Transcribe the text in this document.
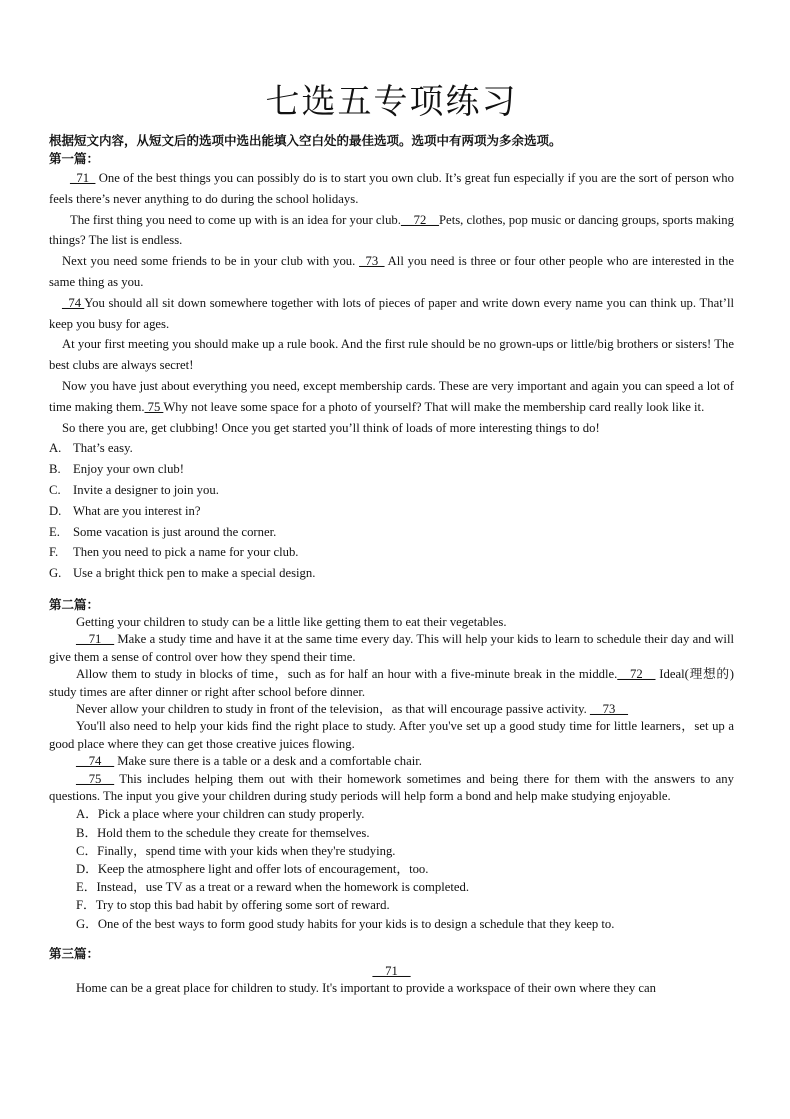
七选五专项练习
根据短文内容，从短文后的选项中选出能填入空白处的最佳选项。选项中有两项为多余选项。
第一篇：

_71_ One of the best things you can possibly do is to start you own club. It’s great fun especially if you are the sort of person who feels there’s never anything to do during the school holidays.

The first thing you need to come up with is an idea for your club.__72__Pets, clothes, pop music or dancing groups, sports making things? The list is endless.

Next you need some friends to be in your club with you. _73_ All you need is three or four other people who are interested in the same thing as you.

_74 You should all sit down somewhere together with lots of pieces of paper and write down every name you can think up. That’ll keep you busy for ages.

At your first meeting you should make up a rule book. And the first rule should be no grown-ups or little/big brothers or sisters! The best clubs are always secret!

Now you have just about everything you need, except membership cards. These are very important and again you can speed a lot of time making them. 75 Why not leave some space for a photo of yourself? That will make the membership card really look like it.

So there you are, get clubbing! Once you get started you’ll think of loads of more interesting things to do!

A. That’s easy.
B. Enjoy your own club!
C. Invite a designer to join you.
D. What are you interest in?
E.	Some vacation is just around the corner.
F.	Then you need to pick a name for your club.
G. Use a bright thick pen to make a special design.
第二篇：

Getting your children to study can be a little like getting them to eat their vegetables.

__71__ Make a study time and have it at the same time every day. This will help your kids to learn to schedule their day and will give them a sense of control over how they spend their time.

Allow them to study in blocks of time，such as for half an hour with a five-minute break in the middle.__72__ Ideal(理想的) study times are after dinner or right after school before dinner.

Never allow your children to study in front of the television，as that will encourage passive activity. __73__

You'll also need to help your kids find the right place to study. After you've set up a good study time for little learners，set up a good place where they can get those creative juices flowing.

__74__ Make sure there is a table or a desk and a comfortable chair.

__75__ This includes helping them out with their homework sometimes and being there for them with the answers to any questions. The input you give your children during study periods will help form a bond and help make studying enjoyable.

A．Pick a place where your children can study properly.
B．Hold them to the schedule they create for themselves.
C．Finally，spend time with your kids when they're studying.
D．Keep the atmosphere light and offer lots of encouragement，too.
E．Instead，use TV as a treat or a reward when the homework is completed.
F．Try to stop this bad habit by offering some sort of reward.
G．One of the best ways to form good study habits for your kids is to design a schedule that they keep to.
第三篇：
__71__

Home can be a great place for children to study. It's important to provide a workspace of their own where they can
